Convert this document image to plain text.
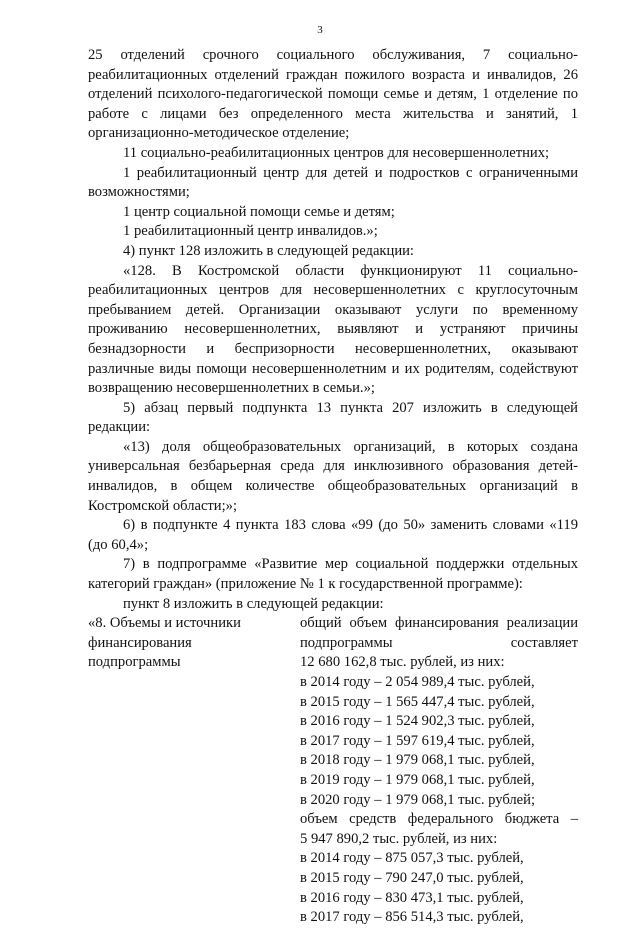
3

25 отделений срочного социального обслуживания, 7 социально-реабилитационных отделений граждан пожилого возраста и инвалидов, 26 отделений психолого-педагогической помощи семье и детям, 1 отделение по работе с лицами без определенного места жительства и занятий, 1 организационно-методическое отделение;

11 социально-реабилитационных центров для несовершеннолетних;

1 реабилитационный центр для детей и подростков с ограниченными возможностями;

1 центр социальной помощи семье и детям;

1 реабилитационный центр инвалидов.»;

4) пункт 128 изложить в следующей редакции:

«128. В Костромской области функционируют 11 социально-реабилитационных центров для несовершеннолетних с круглосуточным пребыванием детей. Организации оказывают услуги по временному проживанию несовершеннолетних, выявляют и устраняют причины безнадзорности и беспризорности несовершеннолетних, оказывают различные виды помощи несовершеннолетним и их родителям, содействуют возвращению несовершеннолетних в семьи.»;

5) абзац первый подпункта 13 пункта 207 изложить в следующей редакции:

«13) доля общеобразовательных организаций, в которых создана универсальная безбарьерная среда для инклюзивного образования детей-инвалидов, в общем количестве общеобразовательных организаций в Костромской области;»;

6) в подпункте 4 пункта 183 слова «99 (до 50» заменить словами «119 (до 60,4»;

7) в подпрограмме «Развитие мер социальной поддержки отдельных категорий граждан» (приложение № 1 к государственной программе):

пункт 8 изложить в следующей редакции:

«8. Объемы и источники
финансирования
подпрограммы
общий объем финансирования реализации
подпрограммы составляет
12 680 162,8 тыс. рублей, из них:
в 2014 году – 2 054 989,4 тыс. рублей,
в 2015 году – 1 565 447,4 тыс. рублей,
в 2016 году – 1 524 902,3 тыс. рублей,
в 2017 году – 1 597 619,4 тыс. рублей,
в 2018 году – 1 979 068,1 тыс. рублей,
в 2019 году – 1 979 068,1 тыс. рублей,
в 2020 году – 1 979 068,1 тыс. рублей;
объем средств федерального бюджета –
5 947 890,2 тыс. рублей, из них:
в 2014 году – 875 057,3 тыс. рублей,
в 2015 году – 790 247,0 тыс. рублей,
в 2016 году – 830 473,1 тыс. рублей,
в 2017 году – 856 514,3 тыс. рублей,
